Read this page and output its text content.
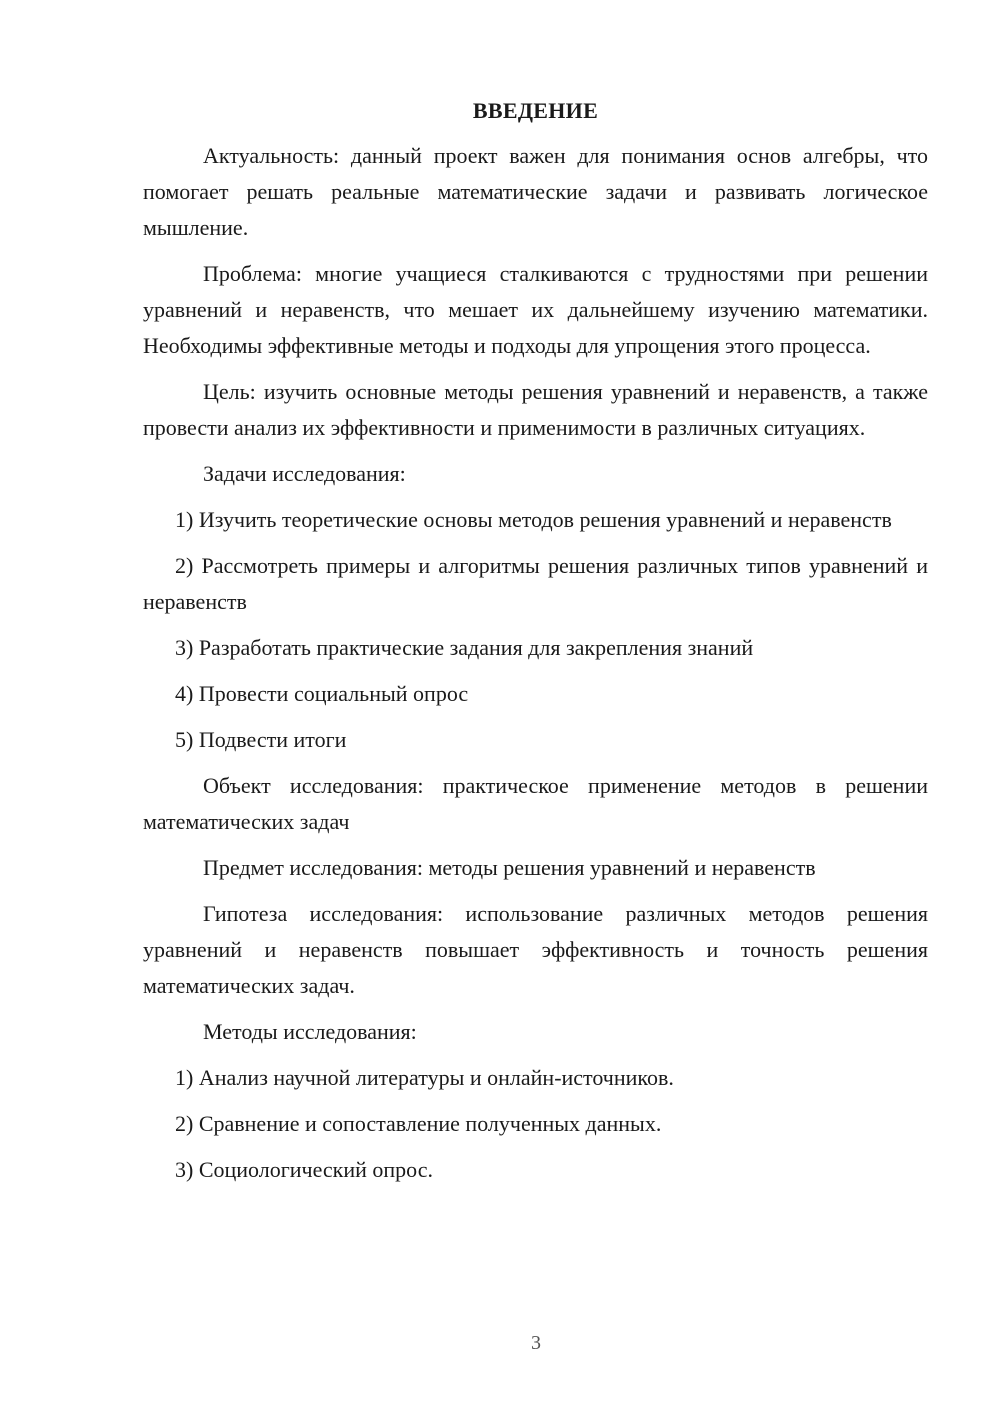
ВВЕДЕНИЕ

Актуальность: данный проект важен для понимания основ алгебры, что помогает решать реальные математические задачи и развивать логическое мышление.

Проблема: многие учащиеся сталкиваются с трудностями при решении уравнений и неравенств, что мешает их дальнейшему изучению математики. Необходимы эффективные методы и подходы для упрощения этого процесса.

Цель: изучить основные методы решения уравнений и неравенств, а также провести анализ их эффективности и применимости в различных ситуациях.

Задачи исследования:

1) Изучить теоретические основы методов решения уравнений и неравенств

2) Рассмотреть примеры и алгоритмы решения различных типов уравнений и неравенств

3) Разработать практические задания для закрепления знаний

4) Провести социальный опрос

5) Подвести итоги

Объект исследования: практическое применение методов в решении математических задач

Предмет исследования: методы решения уравнений и неравенств

Гипотеза исследования: использование различных методов решения уравнений и неравенств повышает эффективность и точность решения математических задач.

Методы исследования:

1) Анализ научной литературы и онлайн-источников.

2) Сравнение и сопоставление полученных данных.

3) Социологический опрос.

3
